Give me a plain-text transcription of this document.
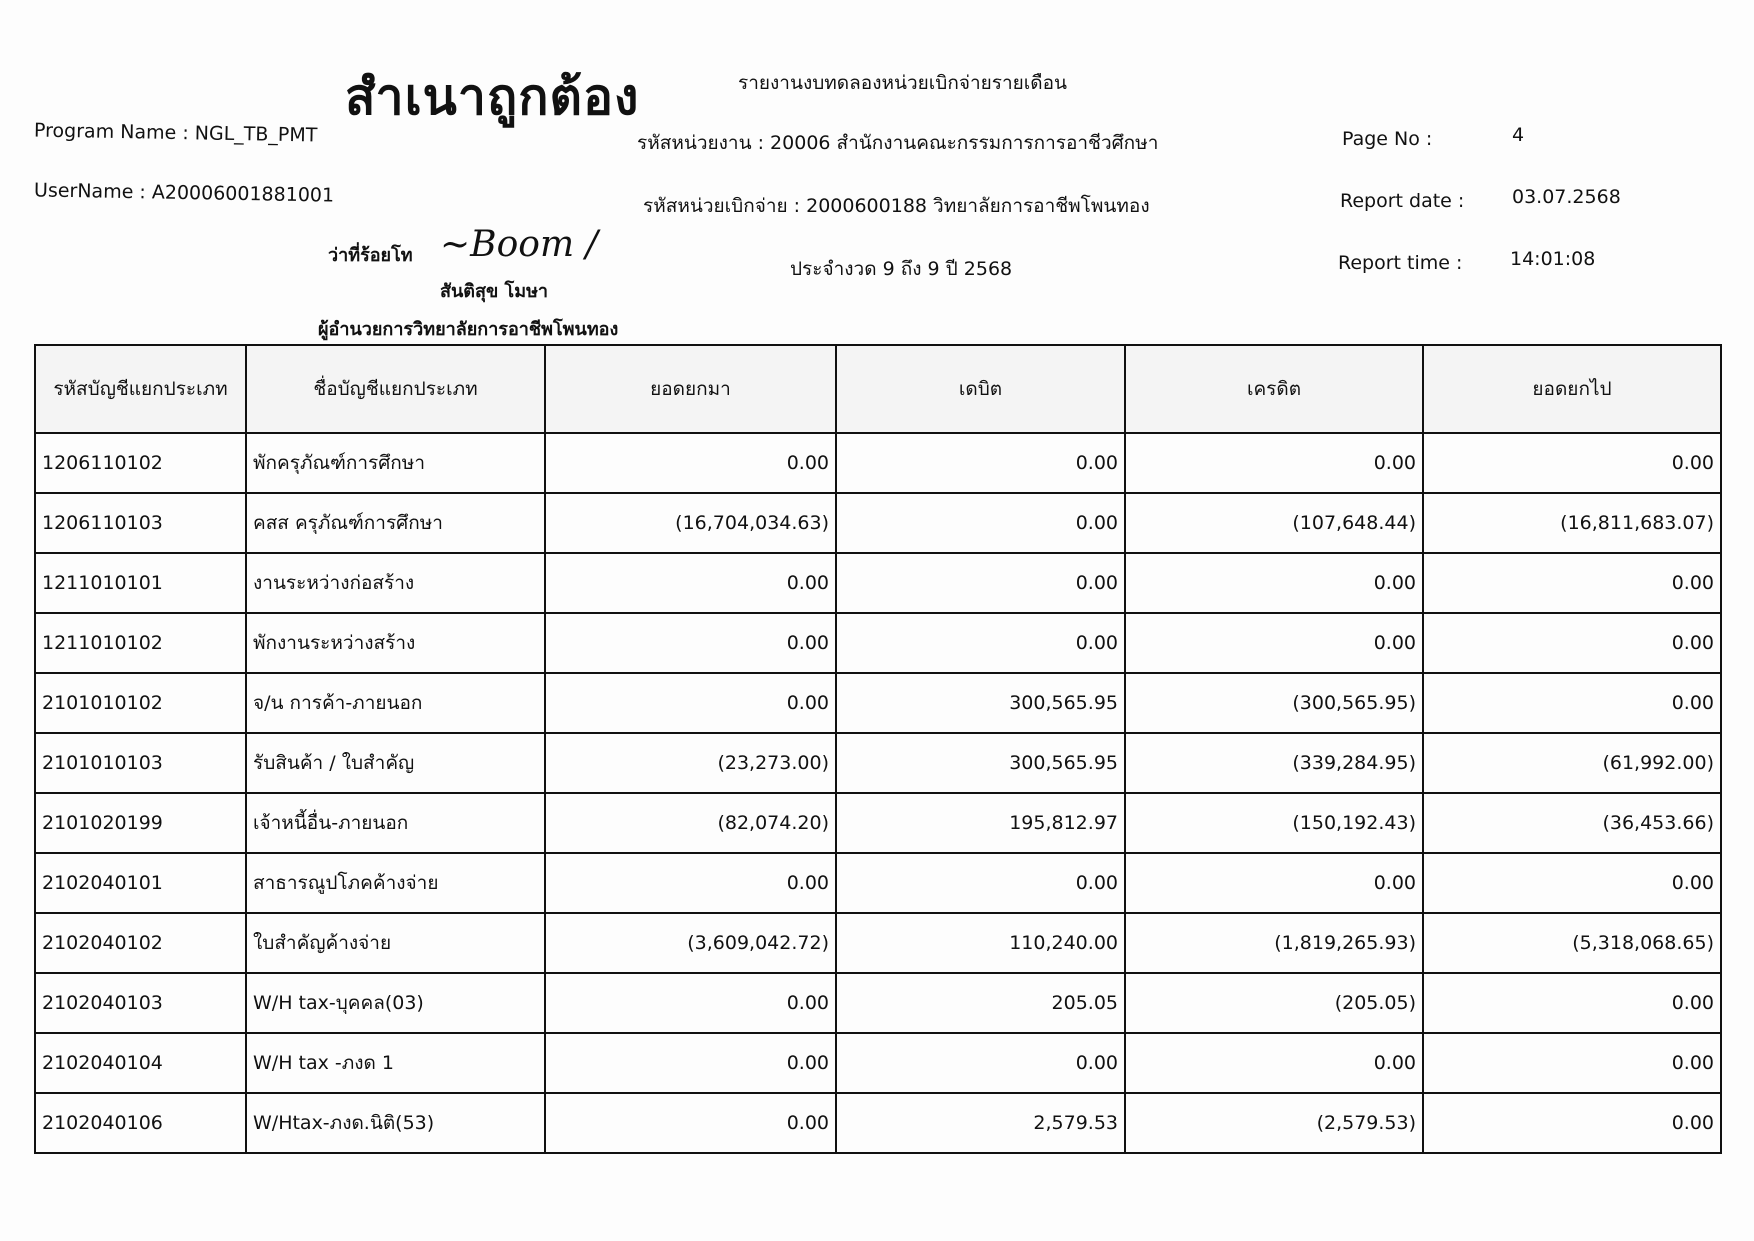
สำเนาถูกต้อง	รายงานงบทดลองหน่วยเบิกจ่ายรายเดือน
Program Name : NGL_TB_PMT
UserName : A20006001881001
รหัสหน่วยงาน : 20006 สำนักงานคณะกรรมการการอาชีวศึกษา
รหัสหน่วยเบิกจ่าย : 2000600188 วิทยาลัยการอาชีพโพนทอง
ประจำงวด 9 ถึง 9 ปี 2568
Page No :	4
Report date :	03.07.2568
Report time :	14:01:08
ว่าที่ร้อยโท ~Boom /
สันติสุข โมษา
ผู้อำนวยการวิทยาลัยการอาชีพโพนทอง
รหัสบัญชีแยกประเภท	ชื่อบัญชีแยกประเภท	ยอดยกมา	เดบิต	เครดิต	ยอดยกไป
1206110102	พักครุภัณฑ์การศึกษา	0.00	0.00	0.00	0.00
1206110103	คสส ครุภัณฑ์การศึกษา	(16,704,034.63)	0.00	(107,648.44)	(16,811,683.07)
1211010101	งานระหว่างก่อสร้าง	0.00	0.00	0.00	0.00
1211010102	พักงานระหว่างสร้าง	0.00	0.00	0.00	0.00
2101010102	จ/น การค้า-ภายนอก	0.00	300,565.95	(300,565.95)	0.00
2101010103	รับสินค้า / ใบสำคัญ	(23,273.00)	300,565.95	(339,284.95)	(61,992.00)
2101020199	เจ้าหนี้อื่น-ภายนอก	(82,074.20)	195,812.97	(150,192.43)	(36,453.66)
2102040101	สาธารณูปโภคค้างจ่าย	0.00	0.00	0.00	0.00
2102040102	ใบสำคัญค้างจ่าย	(3,609,042.72)	110,240.00	(1,819,265.93)	(5,318,068.65)
2102040103	W/H tax-บุคคล(03)	0.00	205.05	(205.05)	0.00
2102040104	W/H tax -ภงด 1	0.00	0.00	0.00	0.00
2102040106	W/Htax-ภงด.นิติ(53)	0.00	2,579.53	(2,579.53)	0.00
